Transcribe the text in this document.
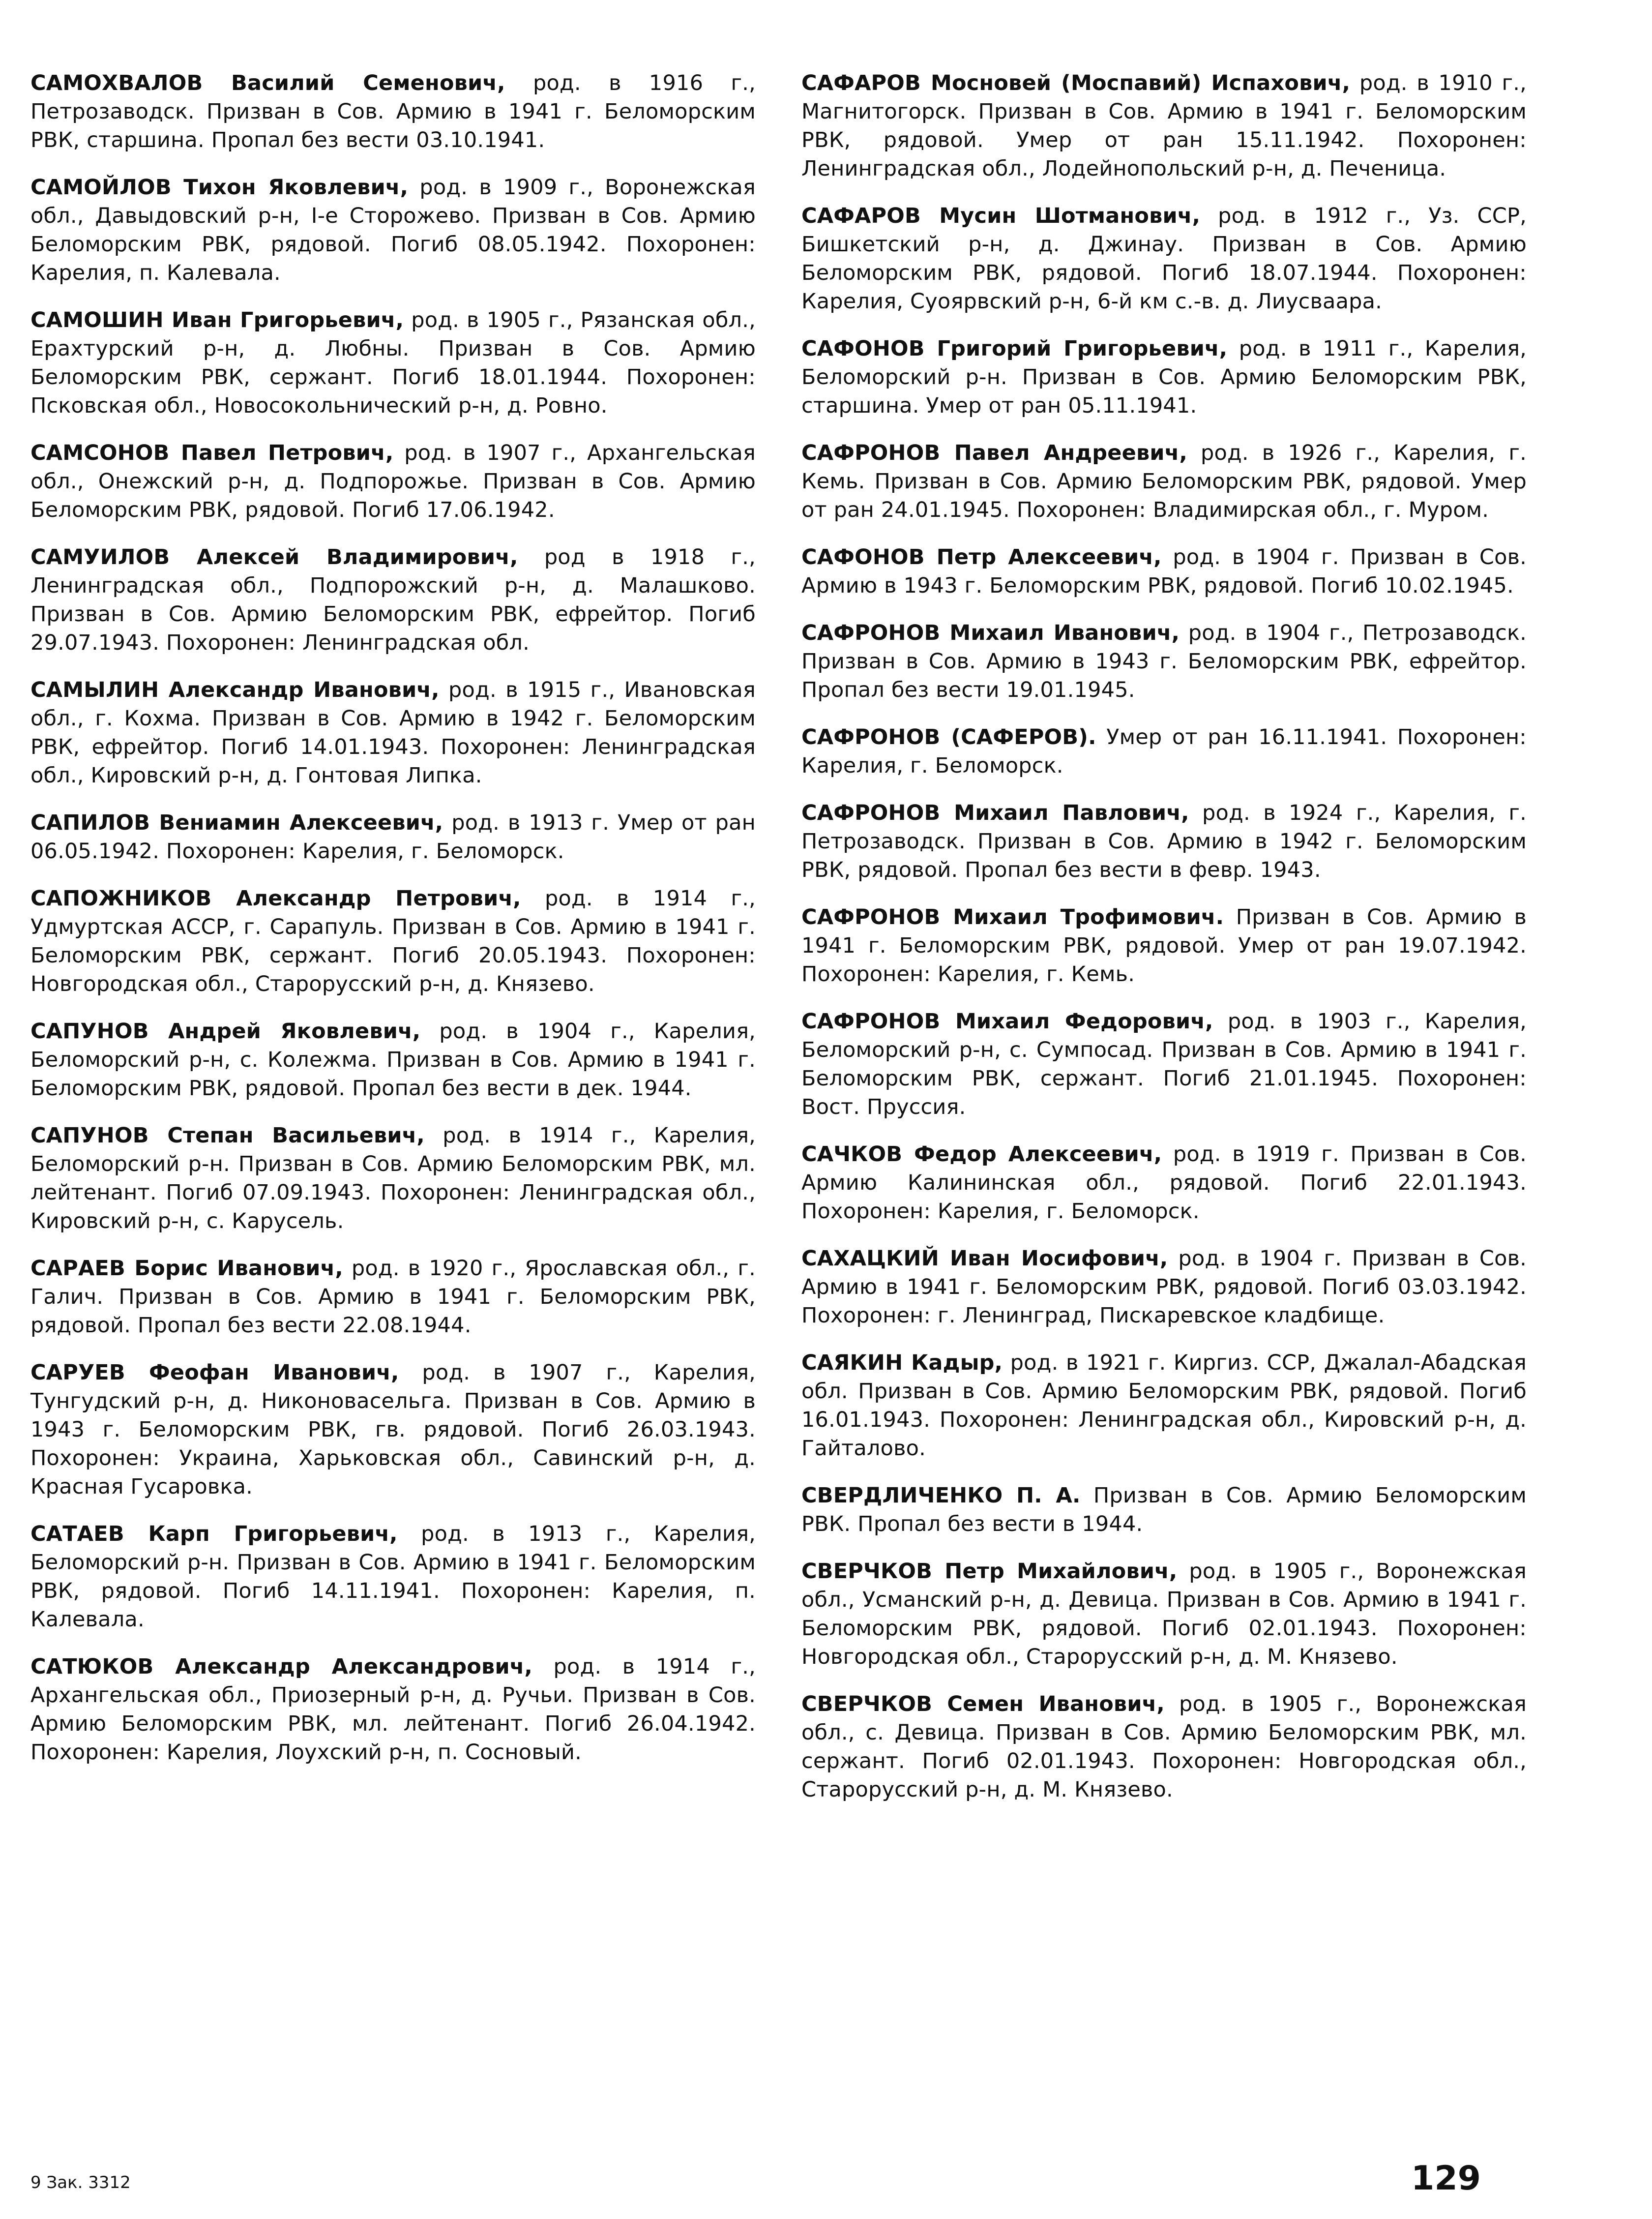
САМОХВАЛОВ Василий Семенович, род. в 1916 г., Петрозаводск. Призван в Сов. Армию в 1941 г. Беломорским РВК, старшина. Пропал без вести 03.10.1941.

САМОЙЛОВ Тихон Яковлевич, род. в 1909 г., Воронежская обл., Давыдовский р-н, I-е Сторожево. Призван в Сов. Армию Беломорским РВК, рядовой. Погиб 08.05.1942. Похоронен: Карелия, п. Калевала.

САМОШИН Иван Григорьевич, род. в 1905 г., Рязанская обл., Ерахтурский р-н, д. Любны. Призван в Сов. Армию Беломорским РВК, сержант. Погиб 18.01.1944. Похоронен: Псковская обл., Новосокольнический р-н, д. Ровно.

САМСОНОВ Павел Петрович, род. в 1907 г., Архангельская обл., Онежский р-н, д. Подпорожье. Призван в Сов. Армию Беломорским РВК, рядовой. Погиб 17.06.1942.

САМУИЛОВ Алексей Владимирович, род в 1918 г., Ленинградская обл., Подпорожский р-н, д. Малашково. Призван в Сов. Армию Беломорским РВК, ефрейтор. Погиб 29.07.1943. Похоронен: Ленинградская обл.

САМЫЛИН Александр Иванович, род. в 1915 г., Ивановская обл., г. Кохма. Призван в Сов. Армию в 1942 г. Беломорским РВК, ефрейтор. Погиб 14.01.1943. Похоронен: Ленинградская обл., Кировский р-н, д. Гонтовая Липка.

САПИЛОВ Вениамин Алексеевич, род. в 1913 г. Умер от ран 06.05.1942. Похоронен: Карелия, г. Беломорск.

САПОЖНИКОВ Александр Петрович, род. в 1914 г., Удмуртская АССР, г. Сарапуль. Призван в Сов. Армию в 1941 г. Беломорским РВК, сержант. Погиб 20.05.1943. Похоронен: Новгородская обл., Старорусский р-н, д. Князево.

САПУНОВ Андрей Яковлевич, род. в 1904 г., Карелия, Беломорский р-н, с. Колежма. Призван в Сов. Армию в 1941 г. Беломорским РВК, рядовой. Пропал без вести в дек. 1944.

САПУНОВ Степан Васильевич, род. в 1914 г., Карелия, Беломорский р-н. Призван в Сов. Армию Беломорским РВК, мл. лейтенант. Погиб 07.09.1943. Похоронен: Ленинградская обл., Кировский р-н, с. Карусель.

САРАЕВ Борис Иванович, род. в 1920 г., Ярославская обл., г. Галич. Призван в Сов. Армию в 1941 г. Беломорским РВК, рядовой. Пропал без вести 22.08.1944.

САРУЕВ Феофан Иванович, род. в 1907 г., Карелия, Тунгудский р-н, д. Никоновасельга. Призван в Сов. Армию в 1943 г. Беломорским РВК, гв. рядовой. Погиб 26.03.1943. Похоронен: Украина, Харьковская обл., Савинский р-н, д. Красная Гусаровка.

САТАЕВ Карп Григорьевич, род. в 1913 г., Карелия, Беломорский р-н. Призван в Сов. Армию в 1941 г. Беломорским РВК, рядовой. Погиб 14.11.1941. Похоронен: Карелия, п. Калевала.

САТЮКОВ Александр Александрович, род. в 1914 г., Архангельская обл., Приозерный р-н, д. Ручьи. Призван в Сов. Армию Беломорским РВК, мл. лейтенант. Погиб 26.04.1942. Похоронен: Карелия, Лоухский р-н, п. Сосновый.

САФАРОВ Мосновей (Моспавий) Испахович, род. в 1910 г., Магнитогорск. Призван в Сов. Армию в 1941 г. Беломорским РВК, рядовой. Умер от ран 15.11.1942. Похоронен: Ленинградская обл., Лодейнопольский р-н, д. Печеница.

САФАРОВ Мусин Шотманович, род. в 1912 г., Уз. ССР, Бишкетский р-н, д. Джинау. Призван в Сов. Армию Беломорским РВК, рядовой. Погиб 18.07.1944. Похоронен: Карелия, Суоярвский р-н, 6-й км с.-в. д. Лиусваара.

САФОНОВ Григорий Григорьевич, род. в 1911 г., Карелия, Беломорский р-н. Призван в Сов. Армию Беломорским РВК, старшина. Умер от ран 05.11.1941.

САФРОНОВ Павел Андреевич, род. в 1926 г., Карелия, г. Кемь. Призван в Сов. Армию Беломорским РВК, рядовой. Умер от ран 24.01.1945. Похоронен: Владимирская обл., г. Муром.

САФОНОВ Петр Алексеевич, род. в 1904 г. Призван в Сов. Армию в 1943 г. Беломорским РВК, рядовой. Погиб 10.02.1945.

САФРОНОВ Михаил Иванович, род. в 1904 г., Петрозаводск. Призван в Сов. Армию в 1943 г. Беломорским РВК, ефрейтор. Пропал без вести 19.01.1945.

САФРОНОВ (САФЕРОВ). Умер от ран 16.11.1941. Похоронен: Карелия, г. Беломорск.

САФРОНОВ Михаил Павлович, род. в 1924 г., Карелия, г. Петрозаводск. Призван в Сов. Армию в 1942 г. Беломорским РВК, рядовой. Пропал без вести в февр. 1943.

САФРОНОВ Михаил Трофимович. Призван в Сов. Армию в 1941 г. Беломорским РВК, рядовой. Умер от ран 19.07.1942. Похоронен: Карелия, г. Кемь.

САФРОНОВ Михаил Федорович, род. в 1903 г., Карелия, Беломорский р-н, с. Сумпосад. Призван в Сов. Армию в 1941 г. Беломорским РВК, сержант. Погиб 21.01.1945. Похоронен: Вост. Пруссия.

САЧКОВ Федор Алексеевич, род. в 1919 г. Призван в Сов. Армию Калининская обл., рядовой. Погиб 22.01.1943. Похоронен: Карелия, г. Беломорск.

САХАЦКИЙ Иван Иосифович, род. в 1904 г. Призван в Сов. Армию в 1941 г. Беломорским РВК, рядовой. Погиб 03.03.1942. Похоронен: г. Ленинград, Пискаревское кладбище.

САЯКИН Кадыр, род. в 1921 г. Киргиз. ССР, Джалал-Абадская обл. Призван в Сов. Армию Беломорским РВК, рядовой. Погиб 16.01.1943. Похоронен: Ленинградская обл., Кировский р-н, д. Гайталово.

СВЕРДЛИЧЕНКО П. А. Призван в Сов. Армию Беломорским РВК. Пропал без вести в 1944.

СВЕРЧКОВ Петр Михайлович, род. в 1905 г., Воронежская обл., Усманский р-н, д. Девица. Призван в Сов. Армию в 1941 г. Беломорским РВК, рядовой. Погиб 02.01.1943. Похоронен: Новгородская обл., Старорусский р-н, д. М. Князево.

СВЕРЧКОВ Семен Иванович, род. в 1905 г., Воронежская обл., с. Девица. Призван в Сов. Армию Беломорским РВК, мл. сержант. Погиб 02.01.1943. Похоронен: Новгородская обл., Старорусский р-н, д. М. Князево.

9 Зак. 3312	129
